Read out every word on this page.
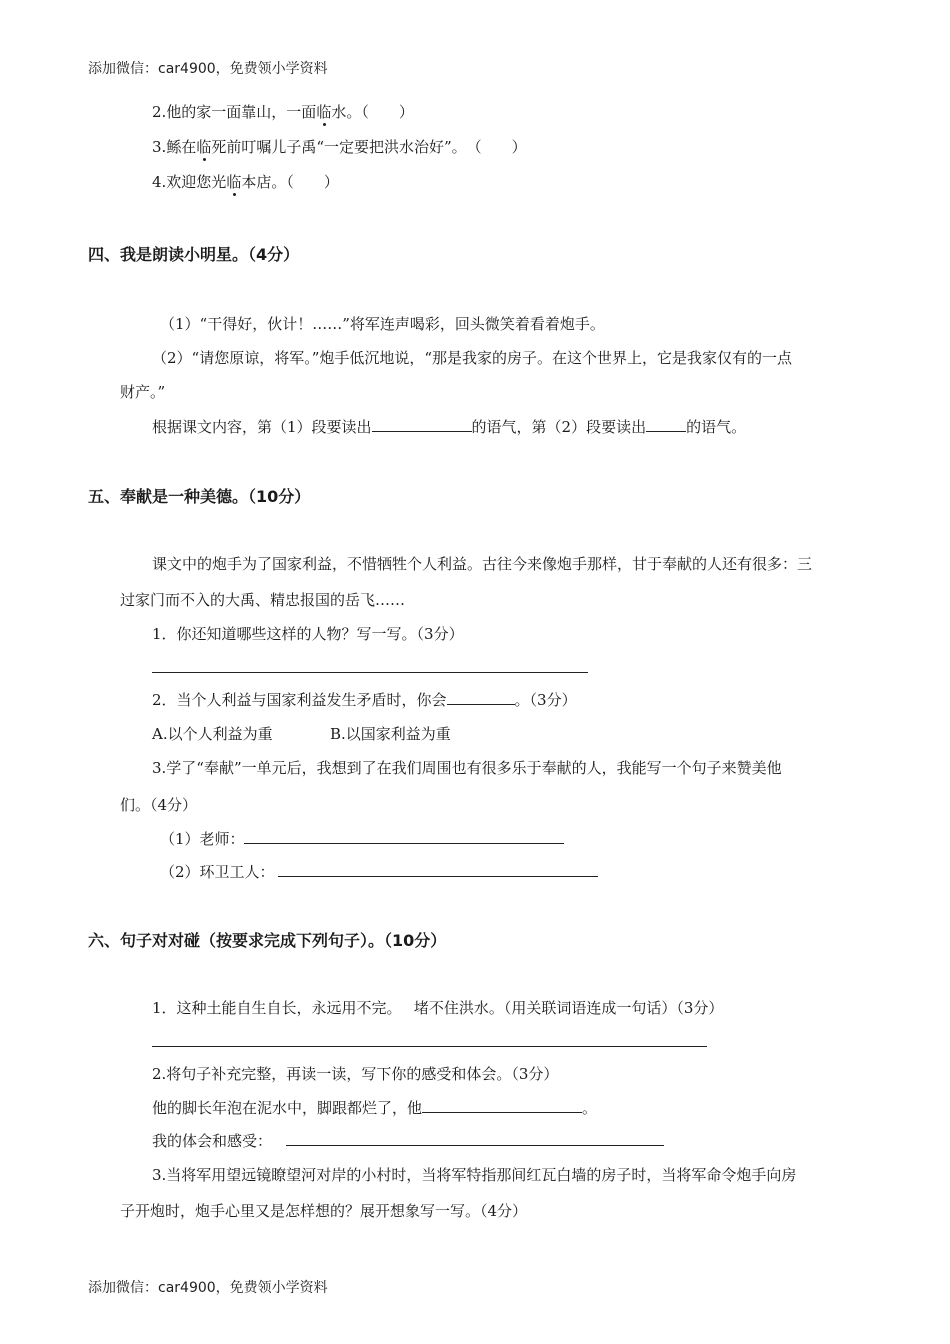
添加微信：car4900，免费领小学资料
2.他的家一面靠山，一面临水。（　　）
3.鲧在临死前叮嘱儿子禹“一定要把洪水治好”。　（　　）
4.欢迎您光临本店。（　　）
四、我是朗读小明星。（4分）
（1）“干得好，伙计！……”将军连声喝彩，回头微笑着看着炮手。
（2）“请您原谅，将军。”炮手低沉地说，“那是我家的房子。在这个世界上，它是我家仅有的一点
财产。”
根据课文内容，第（1）段要读出	的语气，第（2）段要读出	的语气。
五、奉献是一种美德。（10分）
课文中的炮手为了国家利益，不惜牺牲个人利益。古往今来像炮手那样，甘于奉献的人还有很多：三
过家门而不入的大禹、精忠报国的岳飞……
1．你还知道哪些这样的人物？写一写。（3分）
2．当个人利益与国家利益发生矛盾时，你会	。（3分）
A.以个人利益为重	B.以国家利益为重
3.学了“奉献”一单元后，我想到了在我们周围也有很多乐于奉献的人，我能写一个句子来赞美他
们。（4分）
（1）老师：
（2）环卫工人：
六、句子对对碰（按要求完成下列句子）。（10分）
1．这种土能自生自长，永远用不完。　 堵不住洪水。（用关联词语连成一句话）（3分）
2.将句子补充完整，再读一读，写下你的感受和体会。（3分）
他的脚长年泡在泥水中，脚跟都烂了，他	。
我的体会和感受：
3.当将军用望远镜瞭望河对岸的小村时，当将军特指那间红瓦白墙的房子时，当将军命令炮手向房
子开炮时，炮手心里又是怎样想的？展开想象写一写。（4分）
添加微信：car4900，免费领小学资料
